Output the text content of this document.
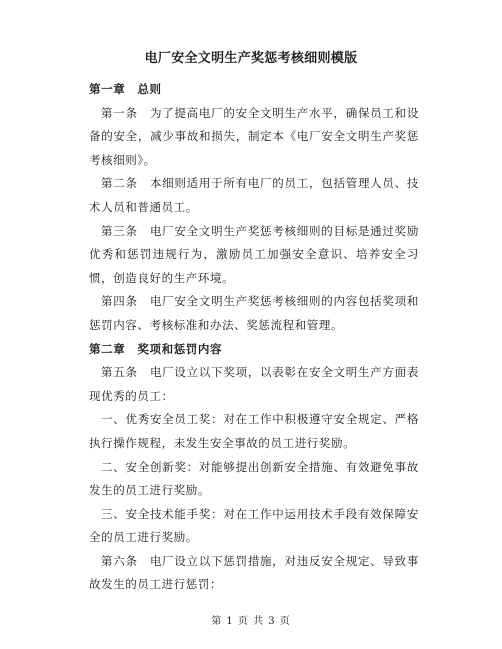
电厂安全文明生产奖惩考核细则模版
第一章　总则
第一条　为了提高电厂的安全文明生产水平，确保员工和设备的安全，减少事故和损失，制定本《电厂安全文明生产奖惩考核细则》。
第二条　本细则适用于所有电厂的员工，包括管理人员、技术人员和普通员工。
第三条　电厂安全文明生产奖惩考核细则的目标是通过奖励优秀和惩罚违规行为，激励员工加强安全意识、培养安全习惯，创造良好的生产环境。
第四条　电厂安全文明生产奖惩考核细则的内容包括奖项和惩罚内容、考核标准和办法、奖惩流程和管理。
第二章　奖项和惩罚内容
第五条　电厂设立以下奖项，以表彰在安全文明生产方面表现优秀的员工：
一、优秀安全员工奖：对在工作中积极遵守安全规定、严格执行操作规程，未发生安全事故的员工进行奖励。
二、安全创新奖：对能够提出创新安全措施、有效避免事故发生的员工进行奖励。
三、安全技术能手奖：对在工作中运用技术手段有效保障安全的员工进行奖励。
第六条　电厂设立以下惩罚措施，对违反安全规定、导致事故发生的员工进行惩罚：
第 1 页 共 3 页
